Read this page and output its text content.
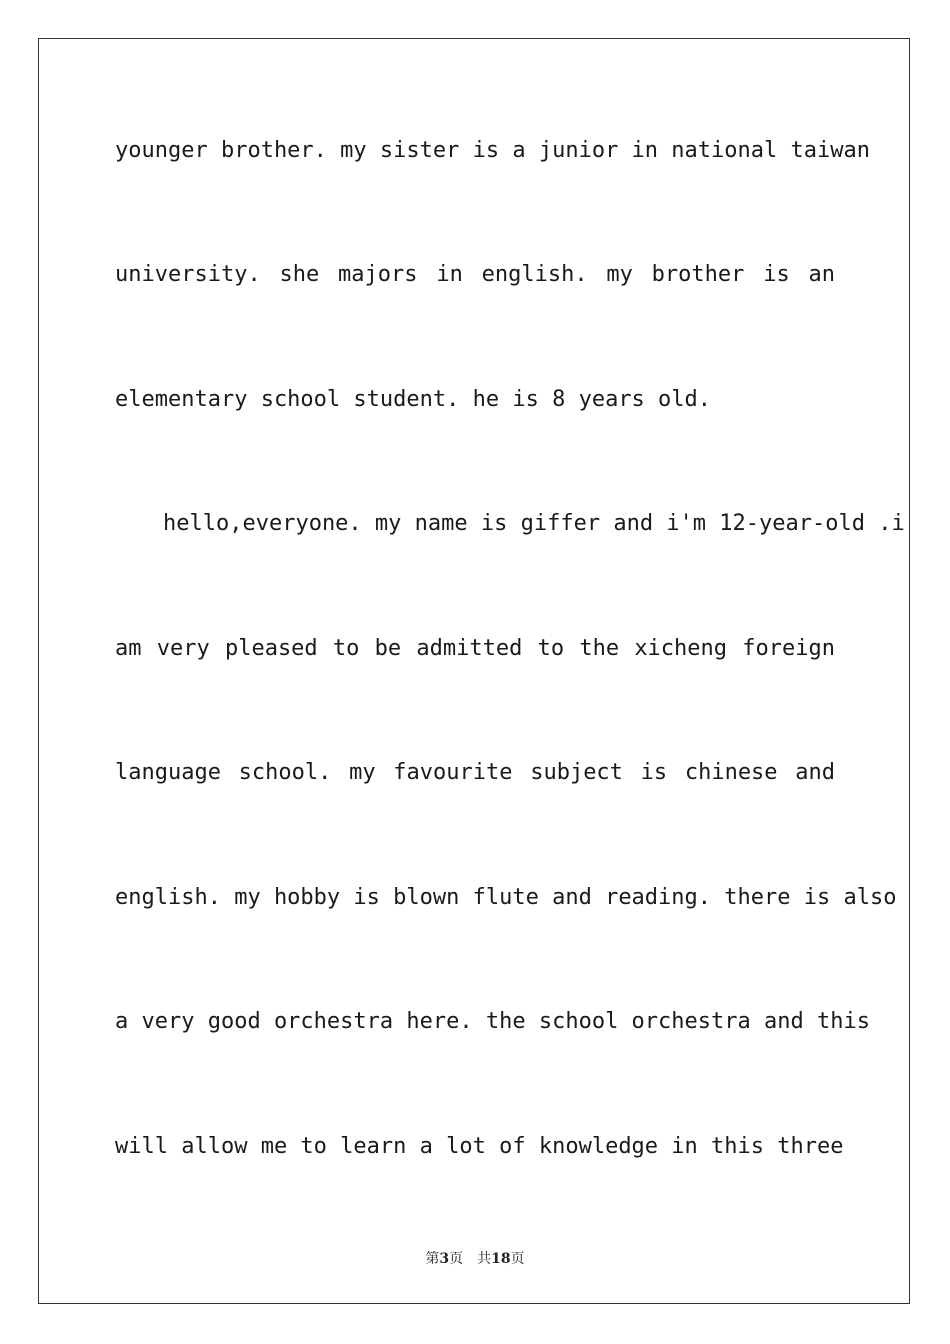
younger brother. my sister is a junior in national taiwan
university. she majors in english. my brother is an
elementary school student. he is 8 years old.
hello,everyone. my name is giffer and i'm 12-year-old .i
am very pleased to be admitted to the xicheng foreign
language school. my favourite subject is chinese and
english. my hobby is blown flute and reading. there is also
a very good orchestra here. the school orchestra and this
will allow me to learn a lot of knowledge in this three
第3页 共18页
